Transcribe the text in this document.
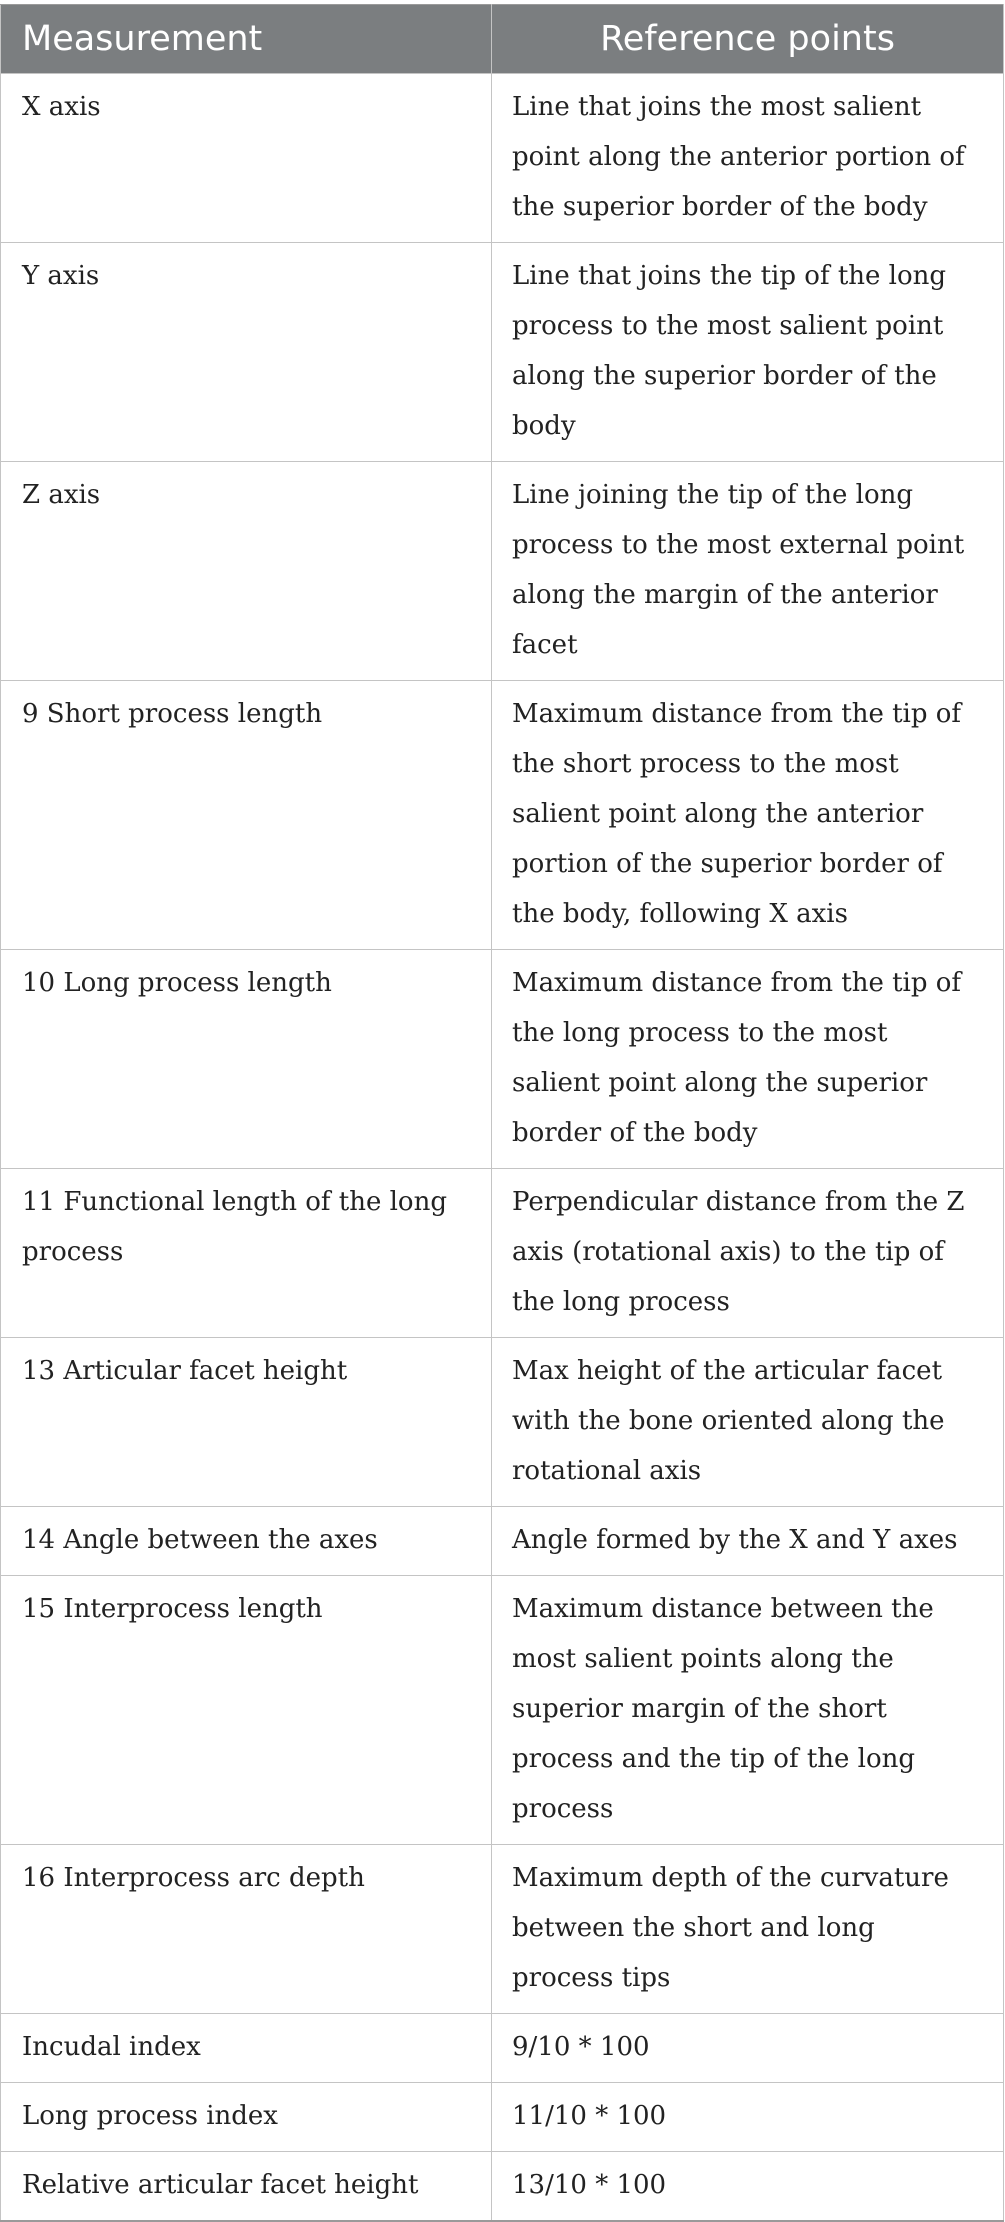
Measurement	Reference points
X axis	Line that joins the most salient point along the anterior portion of the superior border of the body
Y axis	Line that joins the tip of the long process to the most salient point along the superior border of the body
Z axis	Line joining the tip of the long process to the most external point along the margin of the anterior facet
9 Short process length	Maximum distance from the tip of the short process to the most salient point along the anterior portion of the superior border of the body, following X axis
10 Long process length	Maximum distance from the tip of the long process to the most salient point along the superior border of the body
11 Functional length of the long process	Perpendicular distance from the Z axis (rotational axis) to the tip of the long process
13 Articular facet height	Max height of the articular facet with the bone oriented along the rotational axis
14 Angle between the axes	Angle formed by the X and Y axes
15 Interprocess length	Maximum distance between the most salient points along the superior margin of the short process and the tip of the long process
16 Interprocess arc depth	Maximum depth of the curvature between the short and long process tips
Incudal index	9/10 * 100
Long process index	11/10 * 100
Relative articular facet height	13/10 * 100
